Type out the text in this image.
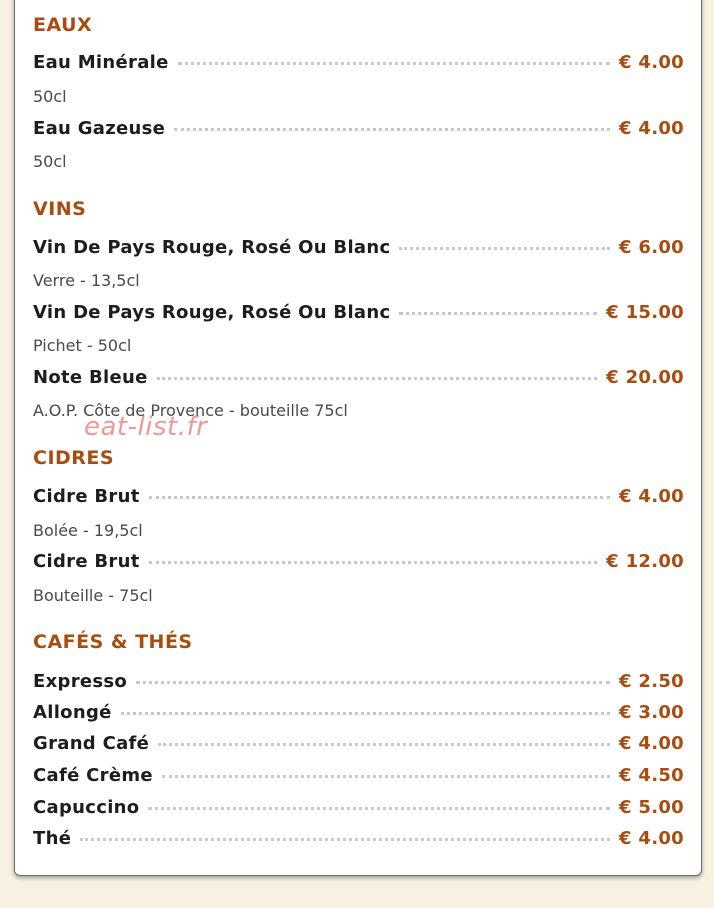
EAUX
Eau Minérale	€ 4.00
50cl
Eau Gazeuse	€ 4.00
50cl
VINS
Vin De Pays Rouge, Rosé Ou Blanc	€ 6.00
Verre - 13,5cl
Vin De Pays Rouge, Rosé Ou Blanc	€ 15.00
Pichet - 50cl
Note Bleue	€ 20.00
A.O.P. Côte de Provence - bouteille 75cl
eat-list.fr
CIDRES
Cidre Brut	€ 4.00
Bolée - 19,5cl
Cidre Brut	€ 12.00
Bouteille - 75cl
CAFÉS & THÉS
Expresso	€ 2.50
Allongé	€ 3.00
Grand Café	€ 4.00
Café Crème	€ 4.50
Capuccino	€ 5.00
Thé	€ 4.00
